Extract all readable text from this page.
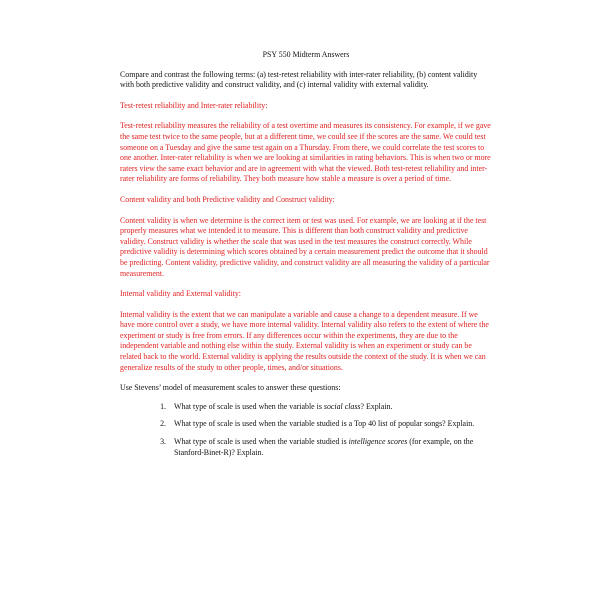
PSY 550 Midterm Answers

Compare and contrast the following terms: (a) test-retest reliability with inter-rater reliability, (b) content validity with both predictive validity and construct validity, and (c) internal validity with external validity.

Test-retest reliability and Inter-rater reliability:

Test-retest reliability measures the reliability of a test overtime and measures its consistency. For example, if we gave the same test twice to the same people, but at a different time, we could see if the scores are the same. We could test someone on a Tuesday and give the same test again on a Thursday. From there, we could correlate the test scores to one another. Inter-rater reliability is when we are looking at similarities in rating behaviors. This is when two or more raters view the same exact behavior and are in agreement with what the viewed. Both test-retest reliability and inter-rater reliability are forms of reliability. They both measure how stable a measure is over a period of time.

Content validity and both Predictive validity and Construct validity:

Content validity is when we determine is the correct item or test was used. For example, we are looking at if the test properly measures what we intended it to measure. This is different than both construct validity and predictive validity. Construct validity is whether the scale that was used in the test measures the construct correctly. While predictive validity is determining which scores obtained by a certain measurement predict the outcome that it should be predicting. Content validity, predictive validity, and construct validity are all measuring the validity of a particular measurement.

Internal validity and External validity:

Internal validity is the extent that we can manipulate a variable and cause a change to a dependent measure. If we have more control over a study, we have more internal validity. Internal validity also refers to the extent of where the experiment or study is free from errors. If any differences occur within the experiments, they are due to the independent variable and nothing else within the study. External validity is when an experiment or study can be related back to the world. External validity is applying the results outside the context of the study. It is when we can generalize results of the study to other people, times, and/or situations.

Use Stevens’ model of measurement scales to answer these questions:

1. What type of scale is used when the variable is social class? Explain.
2. What type of scale is used when the variable studied is a Top 40 list of popular songs? Explain.
3. What type of scale is used when the variable studied is intelligence scores (for example, on the Stanford-Binet-R)? Explain.
